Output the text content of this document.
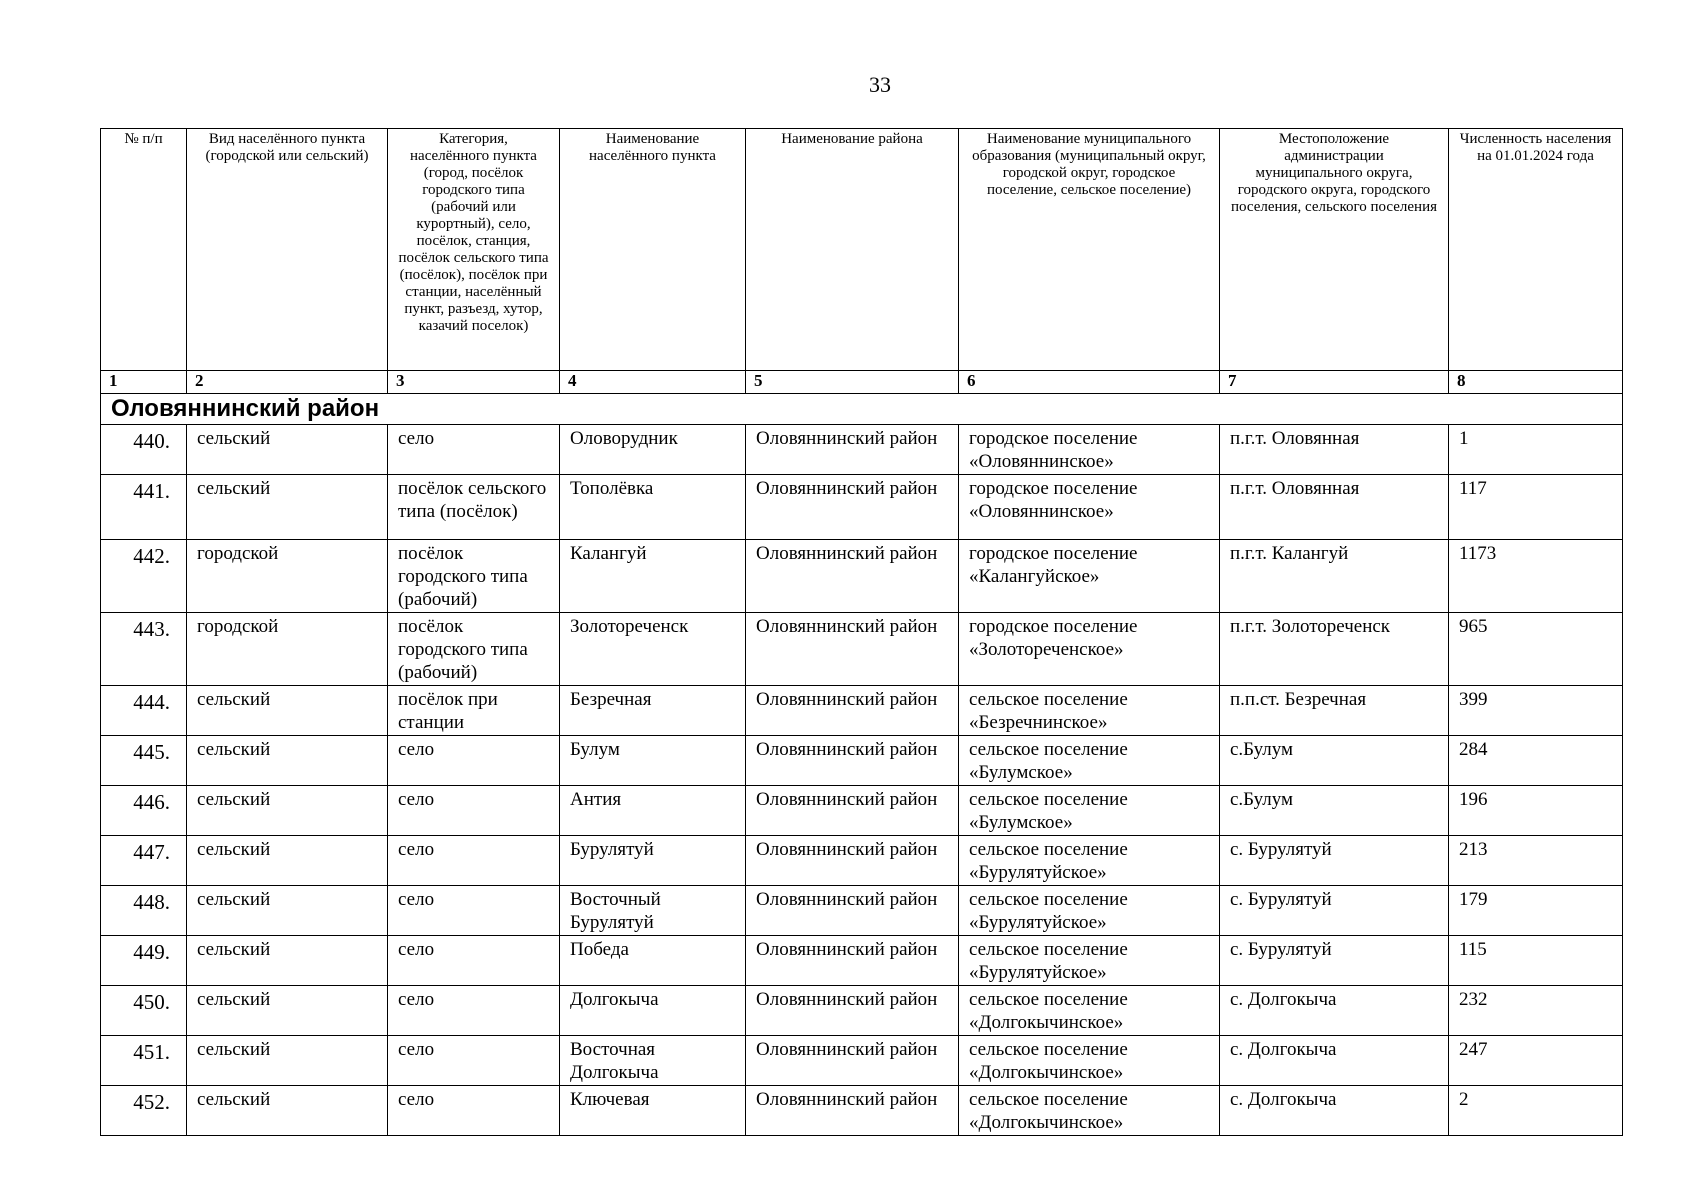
33
№ п/п	Вид населённого пункта (городской или сельский)	Категория, населённого пункта (город, посёлок городского типа (рабочий или курортный), село, посёлок, станция, посёлок сельского типа (посёлок), посёлок при станции, населённый пункт, разъезд, хутор, казачий поселок)	Наименование населённого пункта	Наименование района	Наименование муниципального образования (муниципальный округ, городской округ, городское поселение, сельское поселение)	Местоположение администрации муниципального округа, городского округа, городского поселения, сельского поселения	Численность населения на 01.01.2024 года
1	2	3	4	5	6	7	8
Оловяннинский район							
440.	сельский	село	Оловорудник	Оловяннинский район	городское поселение «Оловяннинское»	п.г.т. Оловянная	1
441.	сельский	посёлок сельского типа (посёлок)	Тополёвка	Оловяннинский район	городское поселение «Оловяннинское»	п.г.т. Оловянная	117
442.	городской	посёлок городского типа (рабочий)	Калангуй	Оловяннинский район	городское поселение «Калангуйское»	п.г.т. Калангуй	1173
443.	городской	посёлок городского типа (рабочий)	Золотореченск	Оловяннинский район	городское поселение «Золотореченское»	п.г.т. Золотореченск	965
444.	сельский	посёлок при станции	Безречная	Оловяннинский район	сельское поселение «Безречнинское»	п.п.ст. Безречная	399
445.	сельский	село	Булум	Оловяннинский район	сельское поселение «Булумское»	с.Булум	284
446.	сельский	село	Антия	Оловяннинский район	сельское поселение «Булумское»	с.Булум	196
447.	сельский	село	Бурулятуй	Оловяннинский район	сельское поселение «Бурулятуйское»	с. Бурулятуй	213
448.	сельский	село	Восточный Бурулятуй	Оловяннинский район	сельское поселение «Бурулятуйское»	с. Бурулятуй	179
449.	сельский	село	Победа	Оловяннинский район	сельское поселение «Бурулятуйское»	с. Бурулятуй	115
450.	сельский	село	Долгокыча	Оловяннинский район	сельское поселение «Долгокычинское»	с. Долгокыча	232
451.	сельский	село	Восточная Долгокыча	Оловяннинский район	сельское поселение «Долгокычинское»	с. Долгокыча	247
452.	сельский	село	Ключевая	Оловяннинский район	сельское поселение «Долгокычинское»	с. Долгокыча	2
